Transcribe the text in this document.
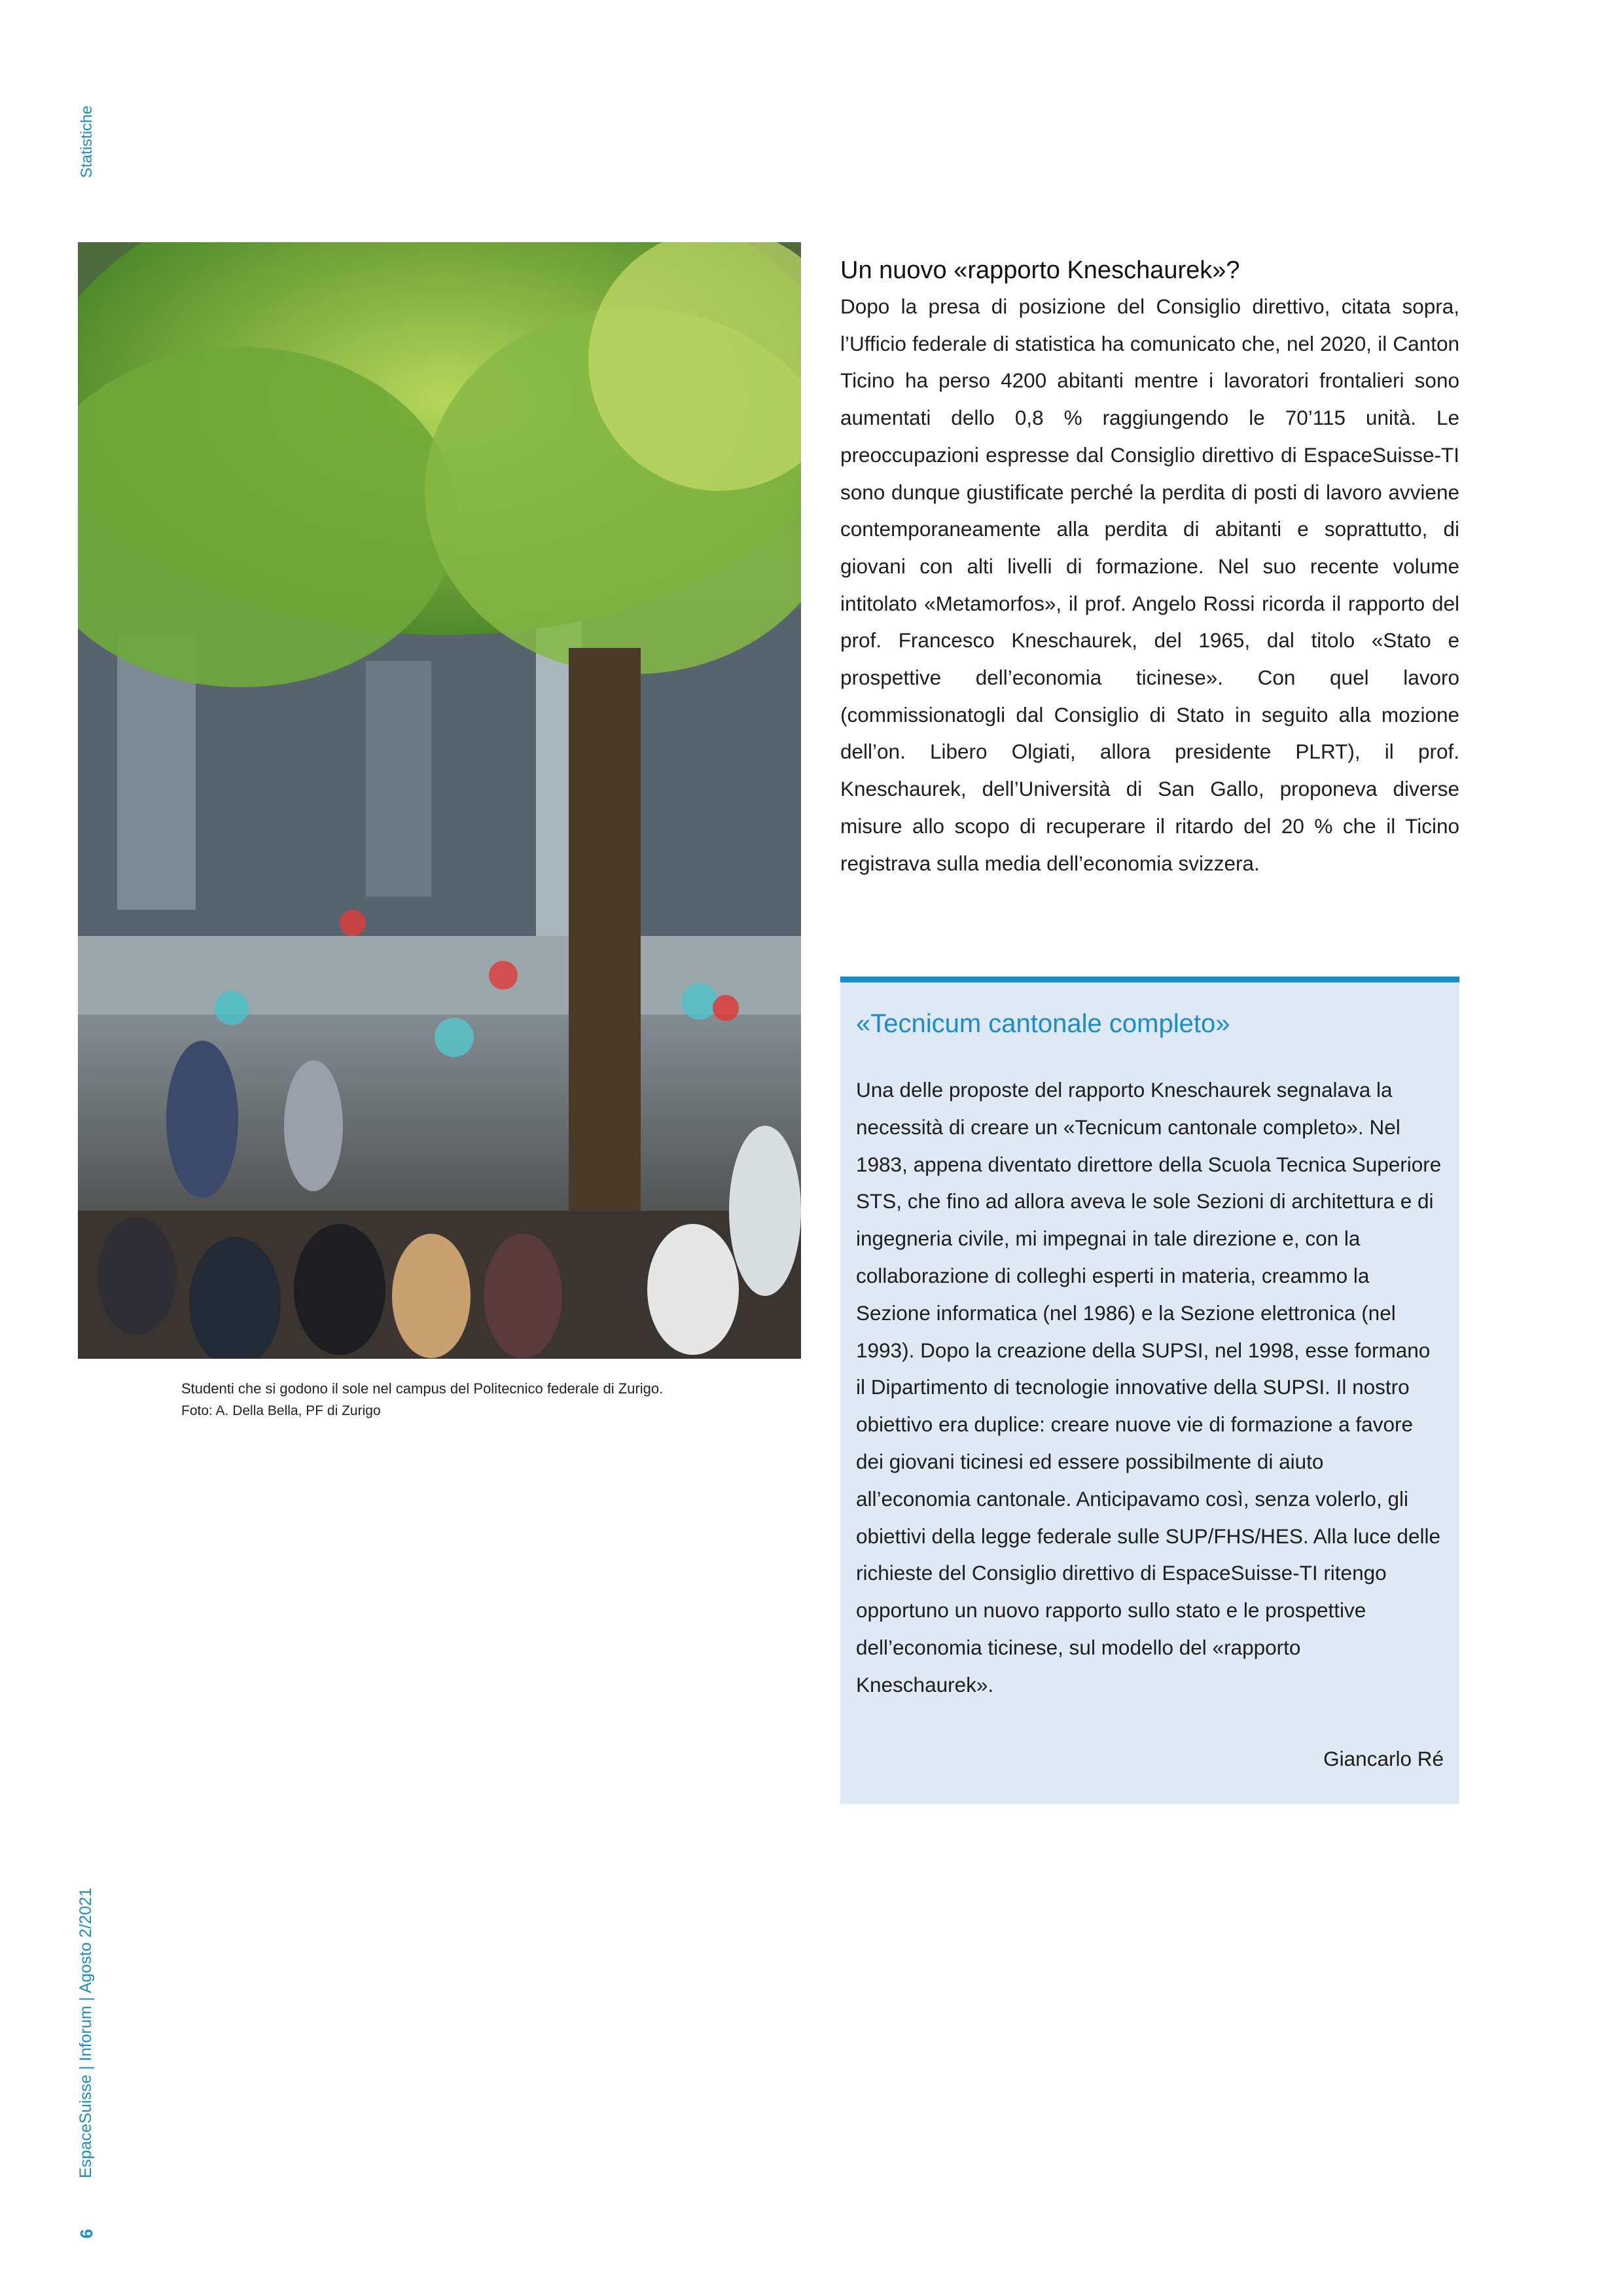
Statistiche
EspaceSuisse | Inforum | Agosto 2/2021
6
Studenti che si godono il sole nel campus del Politecnico federale di Zurigo.
Foto: A. Della Bella, PF di Zurigo
Un nuovo «rapporto Kneschaurek»?

Dopo la presa di posizione del Consiglio direttivo, citata sopra, l’Ufficio federale di statistica ha comunicato che, nel 2020, il Canton Ticino ha perso 4200 abitanti mentre i lavoratori frontalieri sono aumentati dello 0,8 % raggiungendo le 70’115 unità. Le preoccupazioni espresse dal Consiglio direttivo di EspaceSuisse-TI sono dunque giustificate perché la perdita di posti di lavoro avviene contemporaneamente alla perdita di abitanti e soprattutto, di giovani con alti livelli di formazione. Nel suo recente volume intitolato «Metamorfos», il prof. Angelo Rossi ricorda il rapporto del prof. Francesco Kneschaurek, del 1965, dal titolo «Stato e prospettive dell’economia ticinese». Con quel lavoro (commissionatogli dal Consiglio di Stato in seguito alla mozione dell’on. Libero Olgiati, allora presidente PLRT), il prof. Kneschaurek, dell’Università di San Gallo, proponeva diverse misure allo scopo di recuperare il ritardo del 20 % che il Ticino registrava sulla media dell’economia svizzera.

«Tecnicum cantonale completo»

Una delle proposte del rapporto Kneschaurek segnalava la necessità di creare un «Tecnicum cantonale completo». Nel 1983, appena diventato direttore della Scuola Tecnica Superiore STS, che fino ad allora aveva le sole Sezioni di architettura e di ingegneria civile, mi impegnai in tale direzione e, con la collaborazione di colleghi esperti in materia, creammo la Sezione informatica (nel 1986) e la Sezione elettronica (nel 1993). Dopo la creazione della SUPSI, nel 1998, esse formano il Dipartimento di tecnologie innovative della SUPSI. Il nostro obiettivo era duplice: creare nuove vie di formazione a favore dei giovani ticinesi ed essere possibilmente di aiuto all’economia cantonale. Anticipavamo così, senza volerlo, gli obiettivi della legge federale sulle SUP/FHS/HES. Alla luce delle richieste del Consiglio direttivo di EspaceSuisse-TI ritengo opportuno un nuovo rapporto sullo stato e le prospettive dell’economia ticinese, sul modello del «rapporto Kneschaurek».

Giancarlo Ré
